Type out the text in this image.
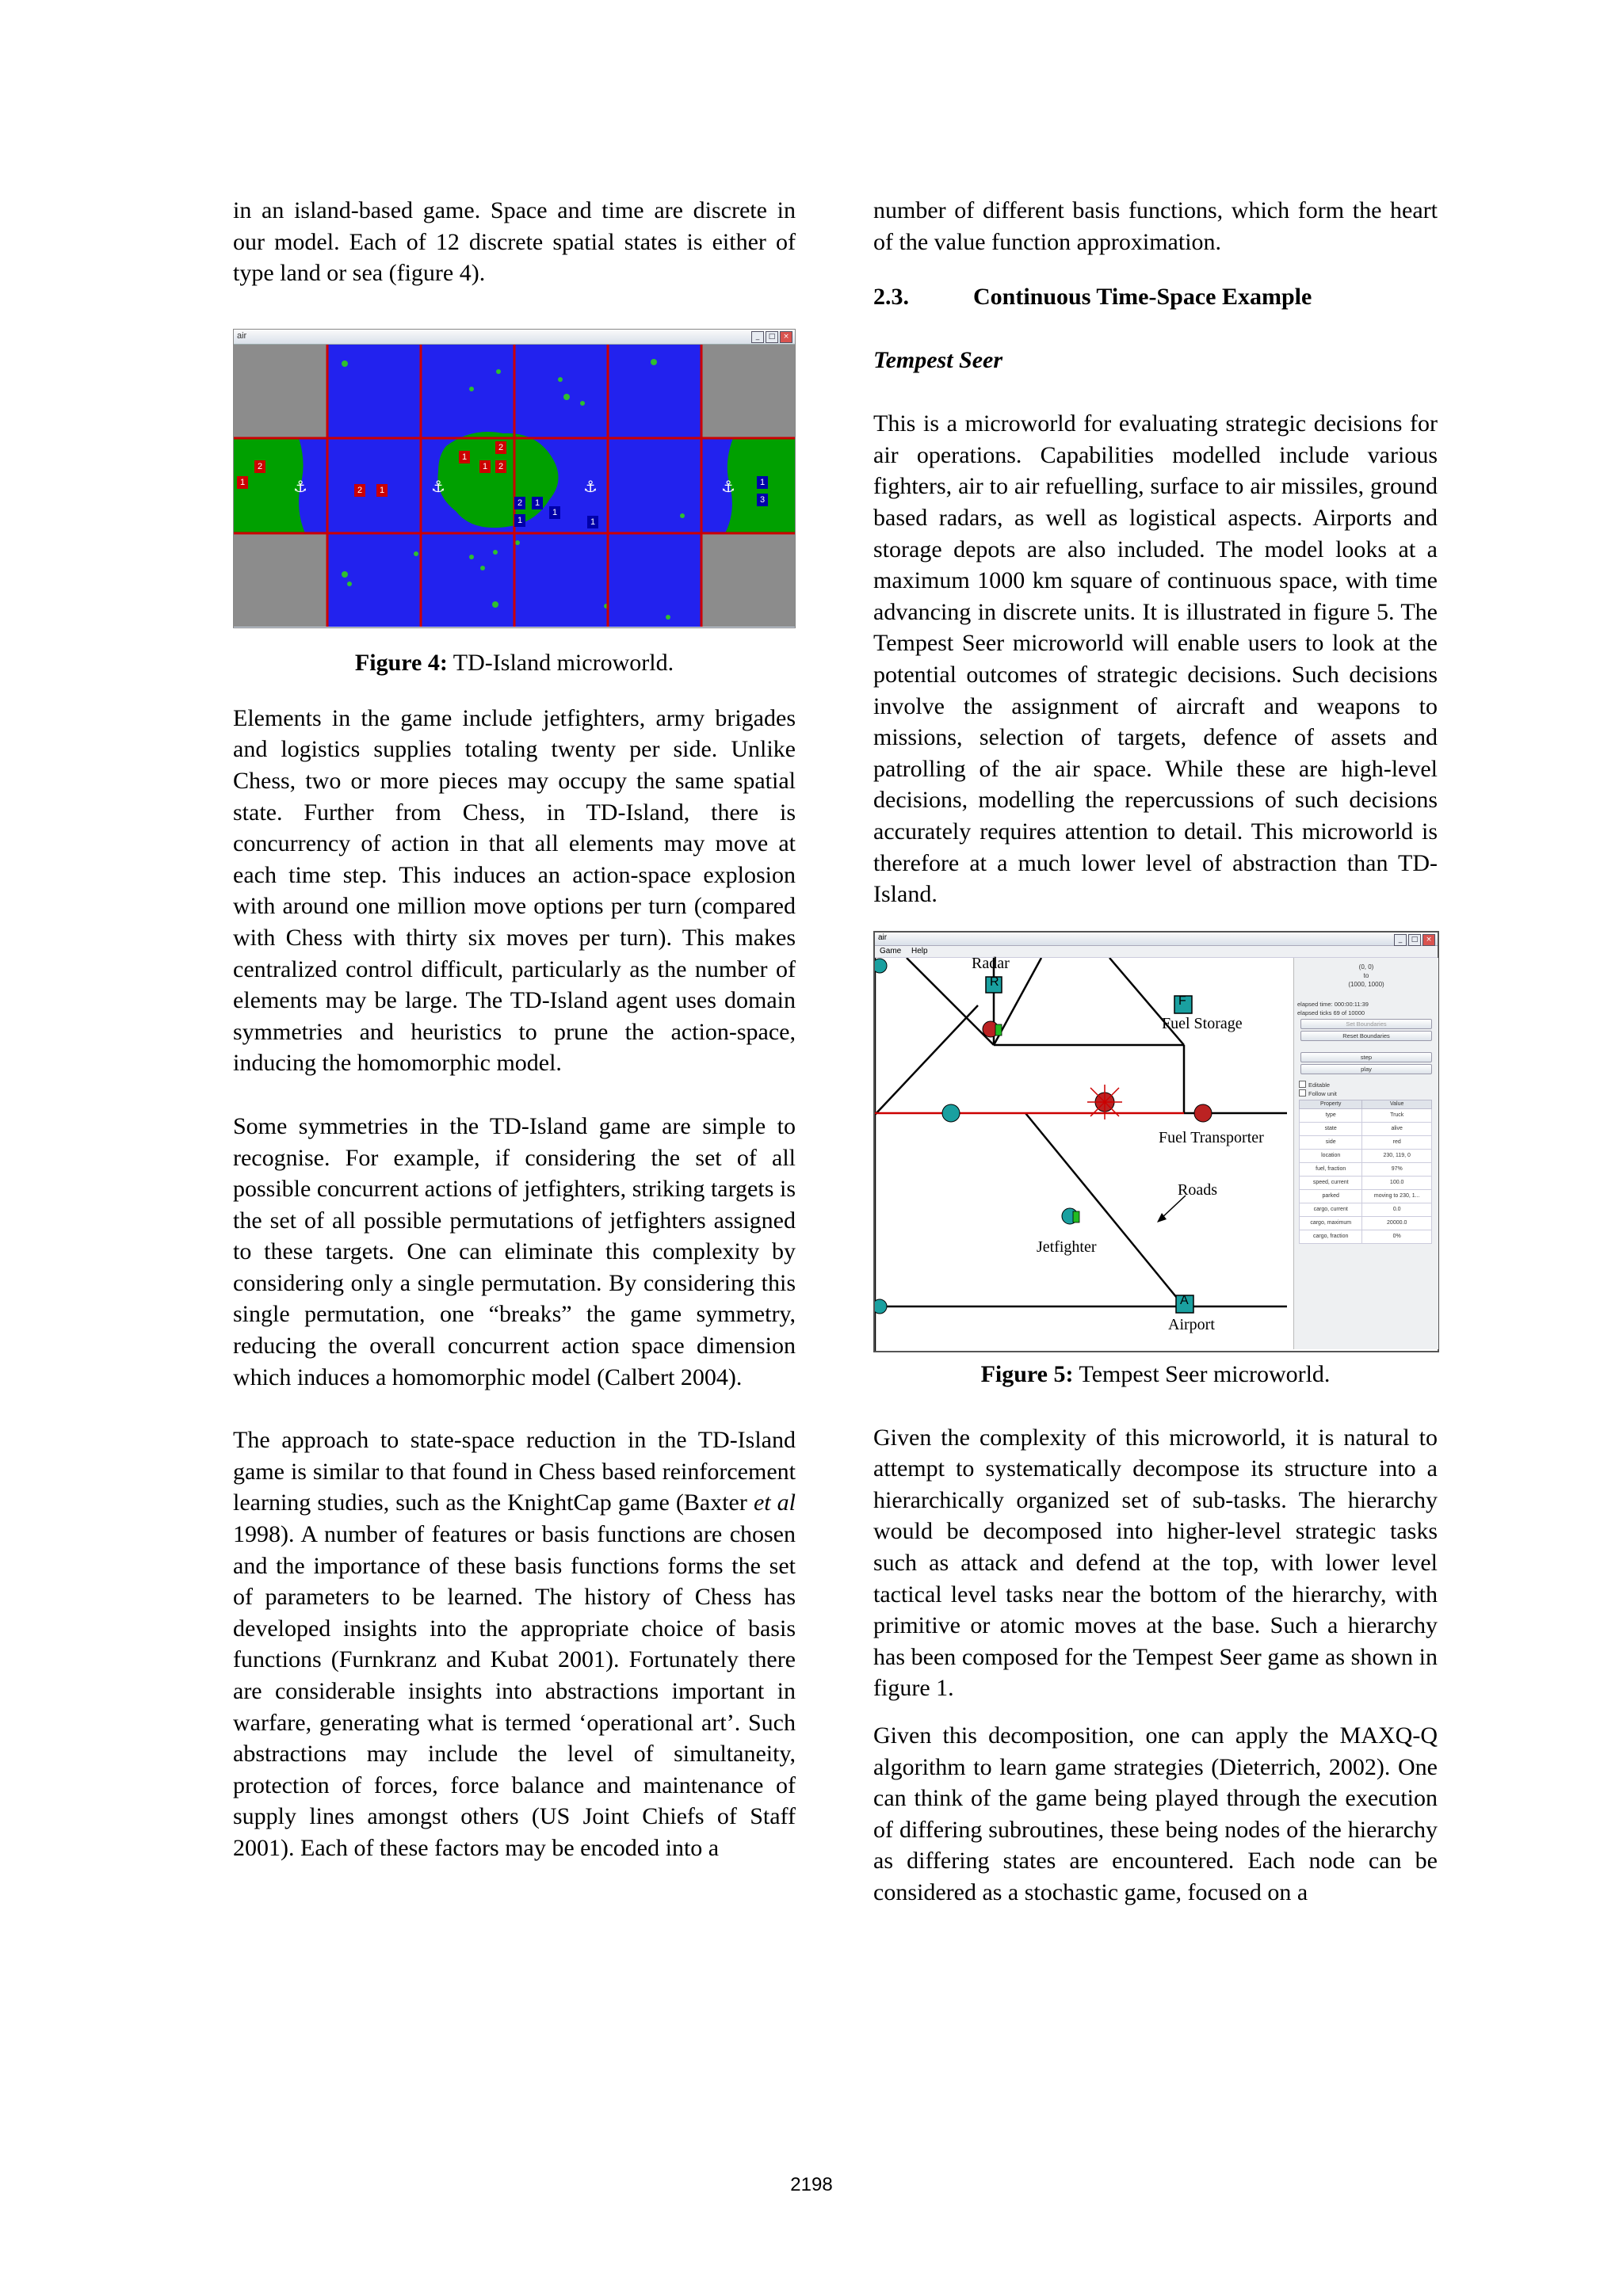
in an island-based game. Space and time are discrete in our model. Each of 12 discrete spatial states is either of type land or sea (figure 4).

air	_	□	×
⚓	⚓	⚓	⚓
2
1
2	1
1
2
1	2
2	1
1
1
1
1
3

Figure 4: TD-Island microworld.

Elements in the game include jetfighters, army brigades and logistics supplies totaling twenty per side. Unlike Chess, two or more pieces may occupy the same spatial state. Further from Chess, in TD-Island, there is concurrency of action in that all elements may move at each time step. This induces an action-space explosion with around one million move options per turn (compared with Chess with thirty six moves per turn). This makes centralized control difficult, particularly as the number of elements may be large. The TD-Island agent uses domain symmetries and heuristics to prune the action-space, inducing the homomorphic model.

Some symmetries in the TD-Island game are simple to recognise. For example, if considering the set of all possible concurrent actions of jetfighters, striking targets is the set of all possible permutations of jetfighters assigned to these targets. One can eliminate this complexity by considering only a single permutation. By considering this single permutation, one “breaks” the game symmetry, reducing the overall concurrent action space dimension which induces a homomorphic model (Calbert 2004).

The approach to state-space reduction in the TD-Island game is similar to that found in Chess based reinforcement learning studies, such as the KnightCap game (Baxter et al 1998). A number of features or basis functions are chosen and the importance of these basis functions forms the set of parameters to be learned. The history of Chess has developed insights into the appropriate choice of basis functions (Furnkranz and Kubat 2001). Fortunately there are considerable insights into abstractions important in warfare, generating what is termed ‘operational art’. Such abstractions may include the level of simultaneity, protection of forces, force balance and maintenance of supply lines amongst others (US Joint Chiefs of Staff 2001). Each of these factors may be encoded into a

number of different basis functions, which form the heart of the value function approximation.

2.3.	Continuous Time-Space Example
Tempest Seer

This is a microworld for evaluating strategic decisions for air operations. Capabilities modelled include various fighters, air to air refuelling, surface to air missiles, ground based radars, as well as logistical aspects. Airports and storage depots are also included. The model looks at a maximum 1000 km square of continuous space, with time advancing in discrete units. It is illustrated in figure 5. The Tempest Seer microworld will enable users to look at the potential outcomes of strategic decisions. Such decisions involve the assignment of aircraft and weapons to missions, selection of targets, defence of assets and patrolling of the air space. While these are high-level decisions, modelling the repercussions of such decisions accurately requires attention to detail. This microworld is therefore at a much lower level of abstraction than TD-Island.

air	_	□	×
Game Help
Radar
R
F
Fuel Storage
Fuel Transporter
Roads
Jetfighter
A
Airport
(0, 0)
to
(1000, 1000)
elapsed time: 000:00:11:39
elapsed ticks 69 of 10000
Set Boundaries
Reset Boundaries
step
play
Editable
Follow unit
Property	Value
type	Truck
state	alive
side	red
location	230, 119, 0
fuel, fraction	97%
speed, current	100.0
parked	moving to 230, 1...
cargo, current	0.0
cargo, maximum	20000.0
cargo, fraction	0%

Figure 5: Tempest Seer microworld.

Given the complexity of this microworld, it is natural to attempt to systematically decompose its structure into a hierarchically organized set of sub-tasks. The hierarchy would be decomposed into higher-level strategic tasks such as attack and defend at the top, with lower level tactical level tasks near the bottom of the hierarchy, with primitive or atomic moves at the base. Such a hierarchy has been composed for the Tempest Seer game as shown in figure 1.

Given this decomposition, one can apply the MAXQ-Q algorithm to learn game strategies (Dieterrich, 2002). One can think of the game being played through the execution of differing subroutines, these being nodes of the hierarchy as differing states are encountered. Each node can be considered as a stochastic game, focused on a

2198
